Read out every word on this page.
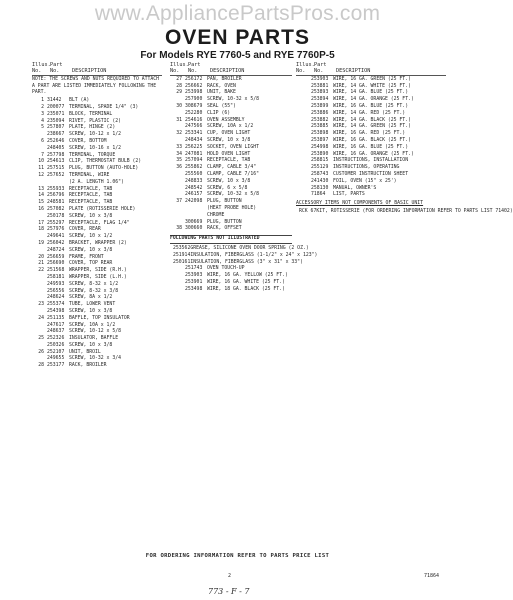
www.AppliancePartsPros.com
OVEN PARTS
For Models RYE 7760-5 and RYE 7760P-5
Illus. Part
No.	No.	DESCRIPTION
NOTE: THE SCREWS AND NUTS REQUIRED TO ATTACH A PART ARE LISTED IMMEDIATELY FOLLOWING THE PART.
1 31442	BLT (A)
2 200077 TERMINAL, SPADE 1/4" (3)
3 235071 BLOCK, TERMINAL
4 235094 RIVET, PLASTIC (2)
5 257807 PLATE, HINGE (2)
238667 SCREW, 10-12 x 1/2
6 252646 COVER, BOTTOM
248405 SCREW, 10-16 x 1/2
7 257798 TERMINAL, TORQUE
10 254613 CLIP, THERMOSTAT BULB (2)
11 257515 PLUG, BUTTON (AUTO-HOLE)
12 257652 TERMINAL, WIRE
(2 A. LENGTH 1.06")
13 255933 RECEPTACLE, TAB
14 256796 RECEPTACLE, TAB
15 248581 RECEPTACLE, TAB
16 257082 PLATE (ROTISSERIE HOLE)
250178 SCREW, 10 x 3/8
17 255297 RECEPTACLE, FLAG 1/4"
18 257976 COVER, REAR
249641 SCREW, 10 x 1/2
19 256042 BRACKET, WRAPPER (2)
248724 SCREW, 10 x 3/8
20 256659 FRAME, FRONT
21 256690 COVER, TOP REAR
22 251568 WRAPPER, SIDE (R.H.)
258181 WRAPPER, SIDE (L.H.)
249593 SCREW, 8-32 x 1/2
256556 SCREW, 8-32 x 3/8
248624 SCREW, 8A x 1/2
23 255374 TUBE, LOWER VENT
254398 SCREW, 10 x 3/8
24 251135 BAFFLE, TOP INSULATOR
247617 SCREW, 10A x 1/2
248637 SCREW, 10-12 x 5/8
25 252326 INSULATOR, BAFFLE
250326 SCREW, 10 x 3/8
26 252107 UNIT, BROIL
249655 SCREW, 10-32 x 3/4
28 253177 RACK, BROILER
Illus. Part
No.	No.	DESCRIPTION
27 256172 PAN, BROILER
28 256662 RACK, OVEN
29 253998 UNIT, BAKE
257900 SCREW, 10-32 x 5/8
30 308679 SEAL (55")
252280 CLIP (6)
31 254616 OVEN ASSEMBLY
247566 SCREW, 10A x 1/2
32 253341 CUP, OVEN LIGHT
248434 SCREW, 10 x 3/8
33 256225 SOCKET, OVEN LIGHT
34 247081 HOLD OVEN LIGHT
35 257094 RECEPTACLE, TAB
36 255862 CLAMP, CABLE 3/4"
255560 CLAMP, CABLE 7/16"
248833 SCREW, 10 x 3/8
248542 SCREW, 6 x 5/8
246157 SCREW, 10-32 x 5/8
37 242098 PLUG, BUTTON
(HEAT PROBE HOLE)
CHROME
300669 PLUG, BUTTON
38 300660 RACK, OFFSET
FOLLOWING PARTS NOT ILLUSTRATED
253562 GREASE, SILICONE OVEN DOOR SPRING (2 OZ.)
251914 INSULATION, FIBERGLASS (1-1/2" x 24" x 123")
250161 INSULATION, FIBERGLASS (3" x 31" x 33")
251743 OVEN TOUCH-UP
253903 WIRE, 16 GA. YELLOW (25 FT.)
253901 WIRE, 16 GA. WHITE (25 FT.)
253498 WIRE, 18 GA. BLACK (25 FT.)
Illus. Part
No.	No.	DESCRIPTION
253903 WIRE, 16 GA. GREEN (25 FT.)
253881 WIRE, 14 GA. WHITE (25 FT.)
253893 WIRE, 14 GA. BLUE (25 FT.)
253894 WIRE, 14 GA. ORANGE (25 FT.)
253899 WIRE, 16 GA. BLUE (25 FT.)
253886 WIRE, 14 GA. RED (25 FT.)
253882 WIRE, 14 GA. BLACK (25 FT.)
253885 WIRE, 14 GA. GREEN (25 FT.)
253898 WIRE, 16 GA. RED (25 FT.)
253897 WIRE, 16 GA. BLACK (25 FT.)
254998 WIRE, 16 GA. BLUE (25 FT.)
253890 WIRE, 16 GA. ORANGE (25 FT.)
258815 INSTRUCTIONS, INSTALLATION
255129 INSTRUCTIONS, OPERATING
258743 CUSTOMER INSTRUCTION SHEET
241430 FOIL, OVEN (15" x 25')
258130 MANUAL, OWNER'S
71864	LIST, PARTS
ACCESSORY ITEMS NOT COMPONENTS OF BASIC UNIT
RCK 67 KIT, ROTISSERIE (FOR ORDERING INFORMATION REFER TO PARTS LIST 71402)
FOR ORDERING INFORMATION REFER TO PARTS PRICE LIST
2	71864
773 - F - 7
